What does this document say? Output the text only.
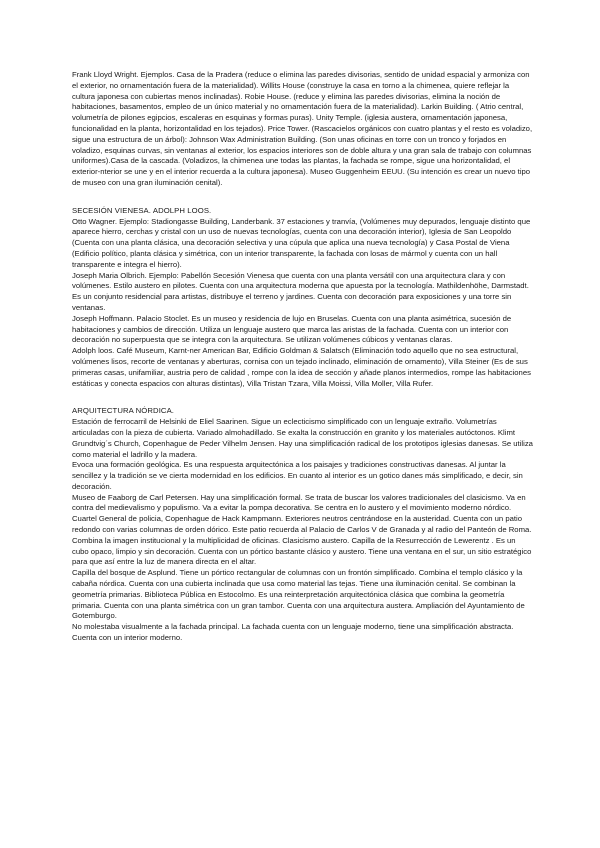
Frank Lloyd Wright. Ejemplos. Casa de la Pradera (reduce o elimina las paredes divisorias, sentido de unidad espacial y armoniza con el exterior, no ornamentación fuera de la materialidad). Willits House (construye la casa en torno a la chimenea, quiere reflejar la cultura japonesa con cubiertas menos inclinadas). Robie House. (reduce y elimina las paredes divisorias, elimina la noción de habitaciones, basamentos, empleo de un único material y no ornamentación fuera de la materialidad). Larkin Building. ( Atrio central, volumetría de pilones egipcios, escaleras en esquinas y formas puras). Unity Temple. (iglesia austera, ornamentación japonesa, funcionalidad en la planta, horizontalidad en los tejados). Price Tower. (Rascacielos orgánicos con cuatro plantas y el resto es voladizo, sigue una estructura de un árbol): Johnson Wax Administration Building. (Son unas oficinas en torre con un tronco y forjados en voladizo, esquinas curvas, sin ventanas al exterior, los espacios interiores son de doble altura y una gran sala de trabajo con columnas uniformes).Casa de la cascada. (Voladizos, la chimenea une todas las plantas, la fachada se rompe, sigue una horizontalidad, el exterior-nterior se une y en el interior recuerda a la cultura japonesa). Museo Guggenheim EEUU. (Su intención es crear un nuevo tipo de museo con una gran iluminación cenital).

SECESIÓN VIENESA. ADOLPH LOOS.

Otto Wagner. Ejemplo: Stadiongasse Building, Landerbank. 37 estaciones y tranvía, (Volúmenes muy depurados, lenguaje distinto que aparece hierro, cerchas y cristal con un uso de nuevas tecnologías, cuenta con una decoración interior), Iglesia de San Leopoldo (Cuenta con una planta clásica, una decoración selectiva y una cúpula que aplica una nueva tecnología) y Casa Postal de Viena (Edificio político, planta clásica y simétrica, con un interior transparente, la fachada con losas de mármol y cuenta con un hall transparente e integra el hierro).

Joseph Maria Olbrich. Ejemplo: Pabellón Secesión Vienesa que cuenta con una planta versátil con una arquitectura clara y con volúmenes. Estilo austero en pilotes. Cuenta con una arquitectura moderna que apuesta por la tecnología. Mathildenhöhe, Darmstadt. Es un conjunto residencial para artistas, distribuye el terreno y jardines. Cuenta con decoración para exposiciones y una torre sin ventanas.

Joseph Hoffmann. Palacio Stoclet. Es un museo y residencia de lujo en Bruselas. Cuenta con una planta asimétrica, sucesión de habitaciones y cambios de dirección. Utiliza un lenguaje austero que marca las aristas de la fachada. Cuenta con un interior con decoración no superpuesta que se integra con la arquitectura. Se utilizan volúmenes cúbicos y ventanas claras.

Adolph loos. Café Museum, Karnt-ner American Bar, Edificio Goldman & Salatsch (Eliminación todo aquello que no sea estructural, volúmenes lisos, recorte de ventanas y aberturas, cornisa con un tejado inclinado, eliminación de ornamento), Villa Steiner (Es de sus primeras casas, unifamiliar, austria pero de calidad , rompe con la idea de sección y añade planos intermedios, rompe las habitaciones estáticas y conecta espacios con alturas distintas), Villa Tristan Tzara, Villa Moissi, Villa Moller, Villa Rufer.

ARQUITECTURA NÓRDICA.

Estación de ferrocarril de Helsinki de Eliel Saarinen. Sigue un eclecticismo simplificado con un lenguaje extraño. Volumetrías articuladas con la pieza de cubierta. Variado almohadillado. Se exalta la construcción en granito y los materiales autóctonos. Klimt Grundtvig´s Church, Copenhague de Peder Vilhelm Jensen. Hay una simplificación radical de los prototipos iglesias danesas. Se utiliza como material el ladrillo y la madera.

Evoca una formación geológica. Es una respuesta arquitectónica a los paisajes y tradiciones constructivas danesas. Al juntar la sencillez y la tradición se ve cierta modernidad en los edificios. En cuanto al interior es un gotico danes más simplificado, e decir, sin decoración.

Museo de Faaborg de Carl Petersen. Hay una simplificación formal. Se trata de buscar los valores tradicionales del clasicismo. Va en contra del medievalismo y populismo. Va a evitar la pompa decorativa. Se centra en lo austero y el movimiento moderno nórdico. Cuartel General de policia, Copenhague de Hack Kampmann. Exteriores neutros centrándose en la austeridad. Cuenta con un patio redondo con varias columnas de orden dórico. Este patio recuerda al Palacio de Carlos V de Granada y al radio del Panteón de Roma. Combina la imagen institucional y la multiplicidad de oficinas. Clasicismo austero. Capilla de la Resurrección de Lewerentz . Es un cubo opaco, limpio y sin decoración. Cuenta con un pórtico bastante clásico y austero. Tiene una ventana en el sur, un sitio estratégico para que así entre la luz de manera directa en el altar.

Capilla del bosque de Asplund. Tiene un pórtico rectangular de columnas con un frontón simplificado. Combina el templo clásico y la cabaña nórdica. Cuenta con una cubierta inclinada que usa como material las tejas. Tiene una iluminación cenital. Se combinan la geometría primarias. Biblioteca Pública en Estocolmo. Es una reinterpretación arquitectónica clásica que combina la geometría primaria. Cuenta con una planta simétrica con un gran tambor. Cuenta con una arquitectura austera. Ampliación del Ayuntamiento de Gotemburgo.

No molestaba visualmente a la fachada principal. La fachada cuenta con un lenguaje moderno, tiene una simplificación abstracta. Cuenta con un interior moderno.
